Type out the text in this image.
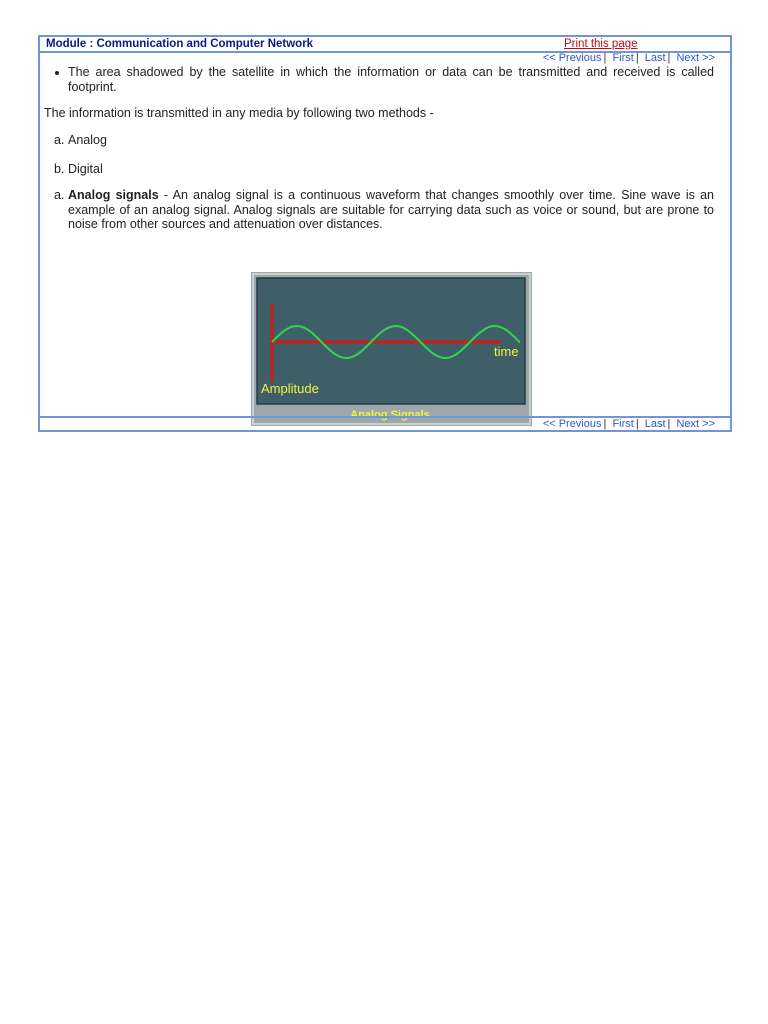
Module : Communication and Computer Network	Print this page
<< Previous | First | Last | Next >>
The area shadowed by the satellite in which the information or data can be transmitted and received is called footprint.
The information is transmitted in any media by following two methods -
a. Analog
b. Digital
a. Analog signals - An analog signal is a continuous waveform that changes smoothly over time. Sine wave is an example of an analog signal. Analog signals are suitable for carrying data such as voice or sound, but are prone to noise from other sources and attenuation over distances.
time
Amplitude
Analog Signals
<< Previous | First | Last | Next >>
